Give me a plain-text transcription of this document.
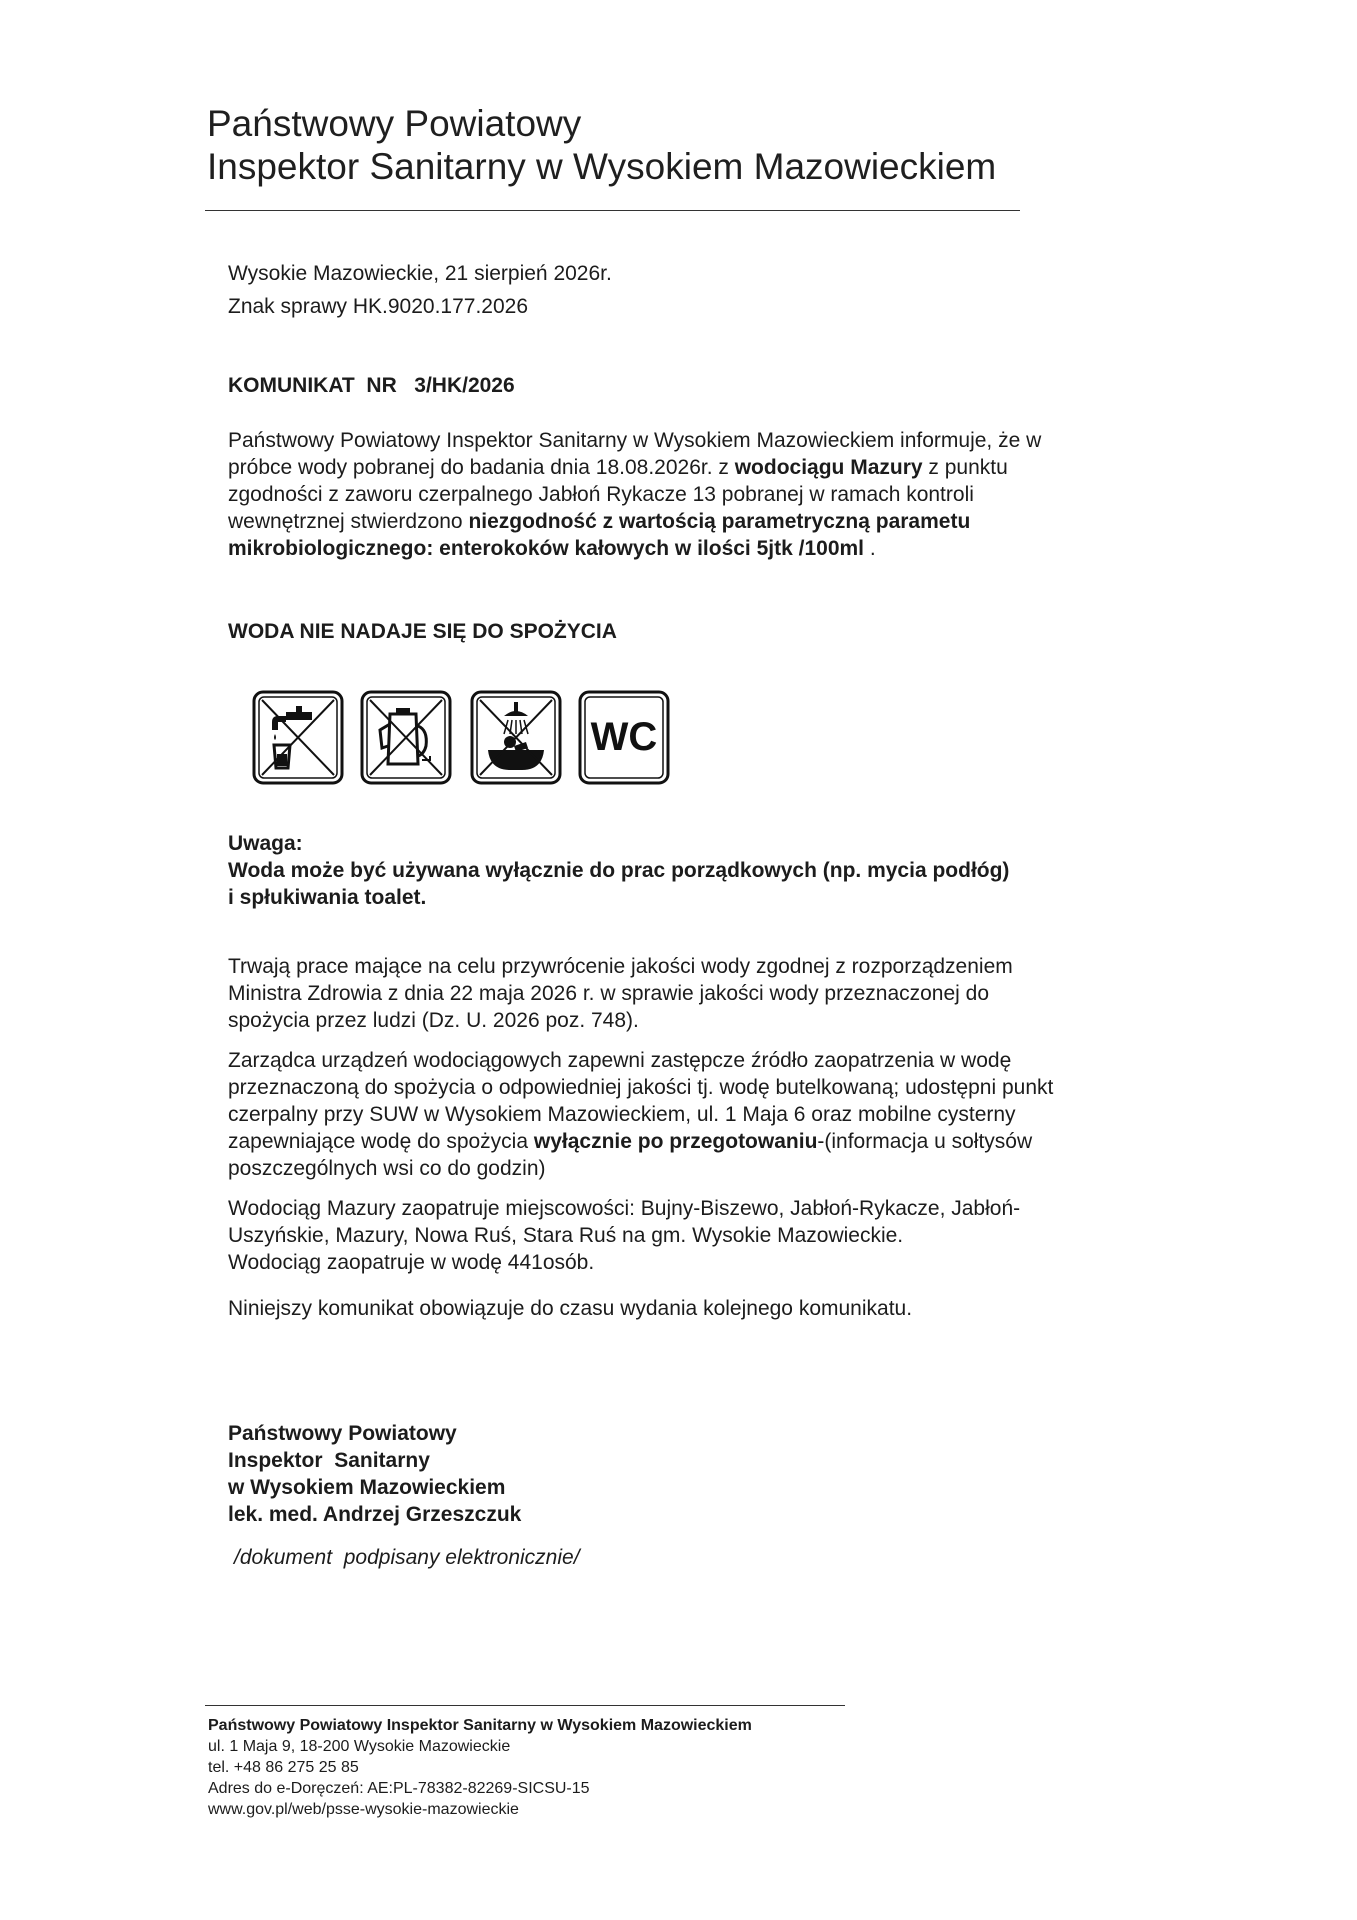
Państwowy Powiatowy
Inspektor Sanitarny w Wysokiem Mazowieckiem
Wysokie Mazowieckie, 21 sierpień 2026r.
Znak sprawy HK.9020.177.2026
KOMUNIKAT  NR   3/HK/2026
Państwowy Powiatowy Inspektor Sanitarny w Wysokiem Mazowieckiem informuje, że w
próbce wody pobranej do badania dnia 18.08.2026r. z wodociągu Mazury z punktu
zgodności z zaworu czerpalnego Jabłoń Rykacze 13 pobranej w ramach kontroli
wewnętrznej stwierdzono niezgodność z wartością parametryczną parametu
mikrobiologicznego: enterokoków kałowych w ilości 5jtk /100ml .
WODA NIE NADAJE SIĘ DO SPOŻYCIA
WC
Uwaga:
Woda może być używana wyłącznie do prac porządkowych (np. mycia podłóg)
i spłukiwania toalet.
Trwają prace mające na celu przywrócenie jakości wody zgodnej z rozporządzeniem
Ministra Zdrowia z dnia 22 maja 2026 r. w sprawie jakości wody przeznaczonej do
spożycia przez ludzi (Dz. U. 2026 poz. 748).
Zarządca urządzeń wodociągowych zapewni zastępcze źródło zaopatrzenia w wodę
przeznaczoną do spożycia o odpowiedniej jakości tj. wodę butelkowaną; udostępni punkt
czerpalny przy SUW w Wysokiem Mazowieckiem, ul. 1 Maja 6 oraz mobilne cysterny
zapewniające wodę do spożycia wyłącznie po przegotowaniu-(informacja u sołtysów
poszczególnych wsi co do godzin)
Wodociąg Mazury zaopatruje miejscowości: Bujny-Biszewo, Jabłoń-Rykacze, Jabłoń-
Uszyńskie, Mazury, Nowa Ruś, Stara Ruś na gm. Wysokie Mazowieckie.
Wodociąg zaopatruje w wodę 441osób.
Niniejszy komunikat obowiązuje do czasu wydania kolejnego komunikatu.
Państwowy Powiatowy
Inspektor  Sanitarny
w Wysokiem Mazowieckiem
lek. med. Andrzej Grzeszczuk
/dokument  podpisany elektronicznie/
Państwowy Powiatowy Inspektor Sanitarny w Wysokiem Mazowieckiem
ul. 1 Maja 9, 18-200 Wysokie Mazowieckie
tel. +48 86 275 25 85
Adres do e-Doręczeń: AE:PL-78382-82269-SICSU-15
www.gov.pl/web/psse-wysokie-mazowieckie
